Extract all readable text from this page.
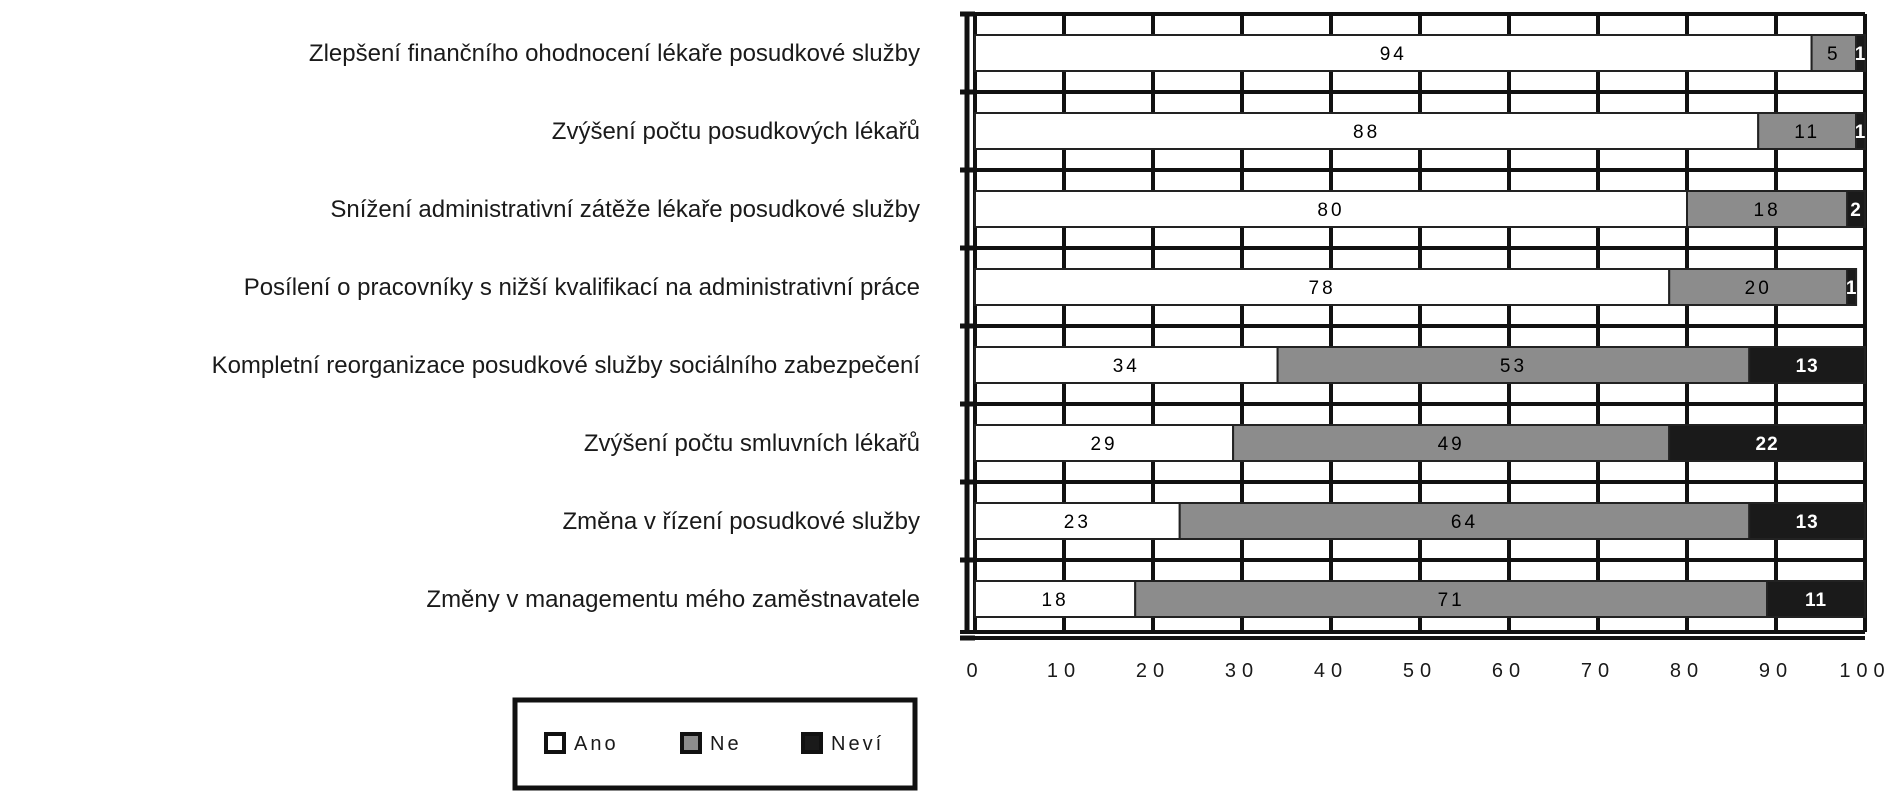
94	5 1
Zlepšení finančního ohodnocení lékaře posudkové služby
88	11 1
Zvýšení počtu posudkových lékařů
80	18	2
Snížení administrativní zátěže lékaře posudkové služby
78	20	1
Posílení o pracovníky s nižší kvalifikací na administrativní práce
34	53	13
Kompletní reorganizace posudkové služby sociálního zabezpečení
29	49	22
Zvýšení počtu smluvních lékařů
23	64	13
Změna v řízení posudkové služby
18	71	11
Změny v managementu mého zaměstnavatele
0	10	20	30	40	50	60	70	80	90 100
Ano	Ne	Neví
